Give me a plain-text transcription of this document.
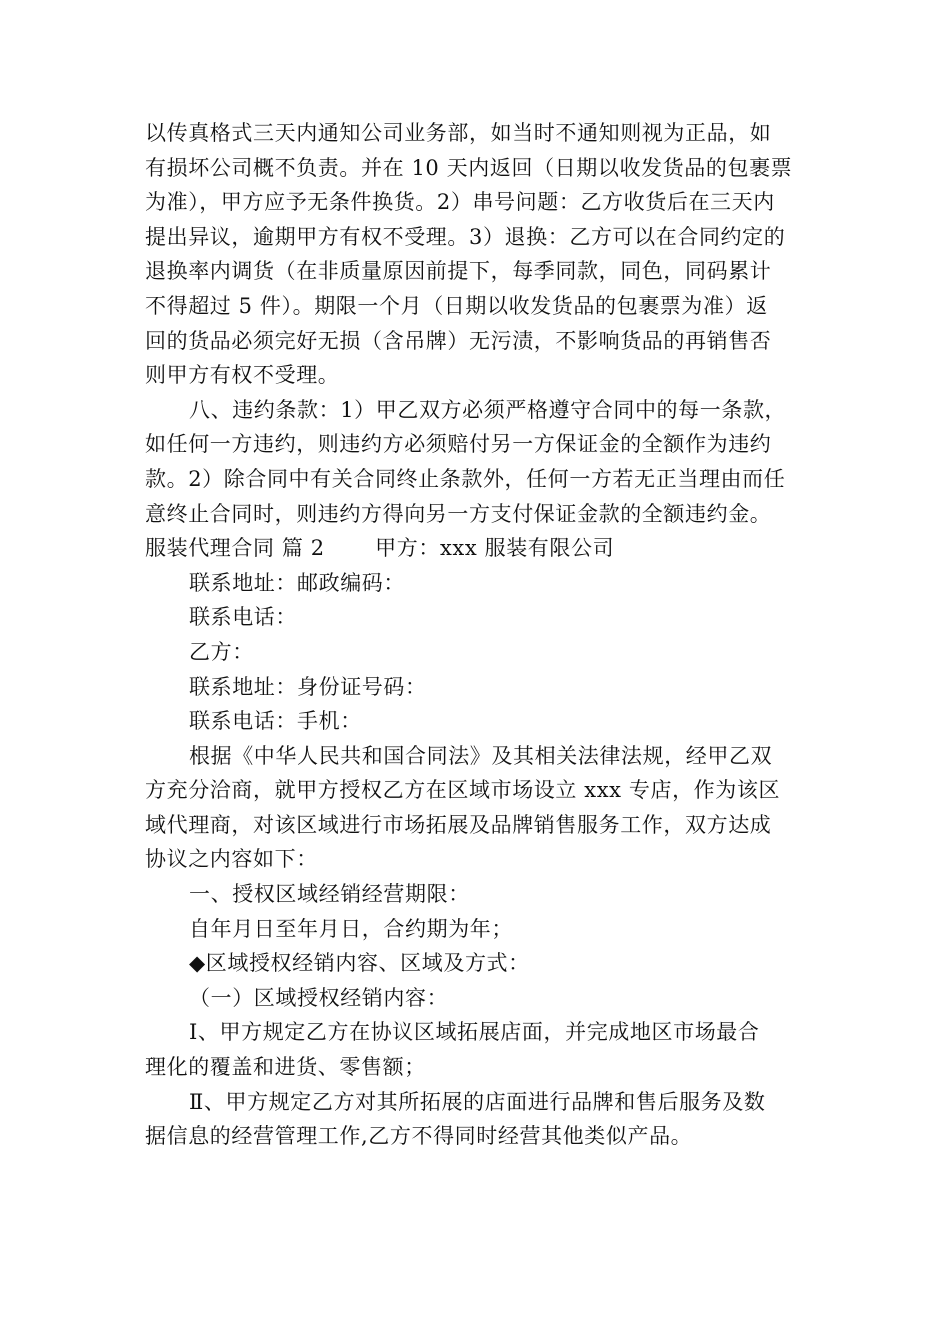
以传真格式三天内通知公司业务部，如当时不通知则视为正品，如
有损坏公司概不负责。并在 10 天内返回（日期以收发货品的包裹票
为准），甲方应予无条件换货。2）串号问题：乙方收货后在三天内
提出异议，逾期甲方有权不受理。3）退换：乙方可以在合同约定的
退换率内调货（在非质量原因前提下，每季同款，同色，同码累计
不得超过 5 件）。期限一个月（日期以收发货品的包裹票为准）返
回的货品必须完好无损（含吊牌）无污渍，不影响货品的再销售否
则甲方有权不受理。
八、违约条款：1）甲乙双方必须严格遵守合同中的每一条款，
如任何一方违约，则违约方必须赔付另一方保证金的全额作为违约
款。2）除合同中有关合同终止条款外，任何一方若无正当理由而任
意终止合同时，则违约方得向另一方支付保证金款的全额违约金。
服装代理合同 篇 2　　 甲方：xxx 服装有限公司
联系地址：邮政编码：
联系电话：
乙方：
联系地址：身份证号码：
联系电话：手机：
根据《中华人民共和国合同法》及其相关法律法规，经甲乙双
方充分洽商，就甲方授权乙方在区域市场设立 xxx 专店，作为该区
域代理商，对该区域进行市场拓展及品牌销售服务工作，双方达成
协议之内容如下：
一、授权区域经销经营期限：
自年月日至年月日，合约期为年；
◆区域授权经销内容、区域及方式：
（一）区域授权经销内容：
Ⅰ、甲方规定乙方在协议区域拓展店面，并完成地区市场最合
理化的覆盖和进货、零售额；
Ⅱ、甲方规定乙方对其所拓展的店面进行品牌和售后服务及数
据信息的经营管理工作,乙方不得同时经营其他类似产品。
